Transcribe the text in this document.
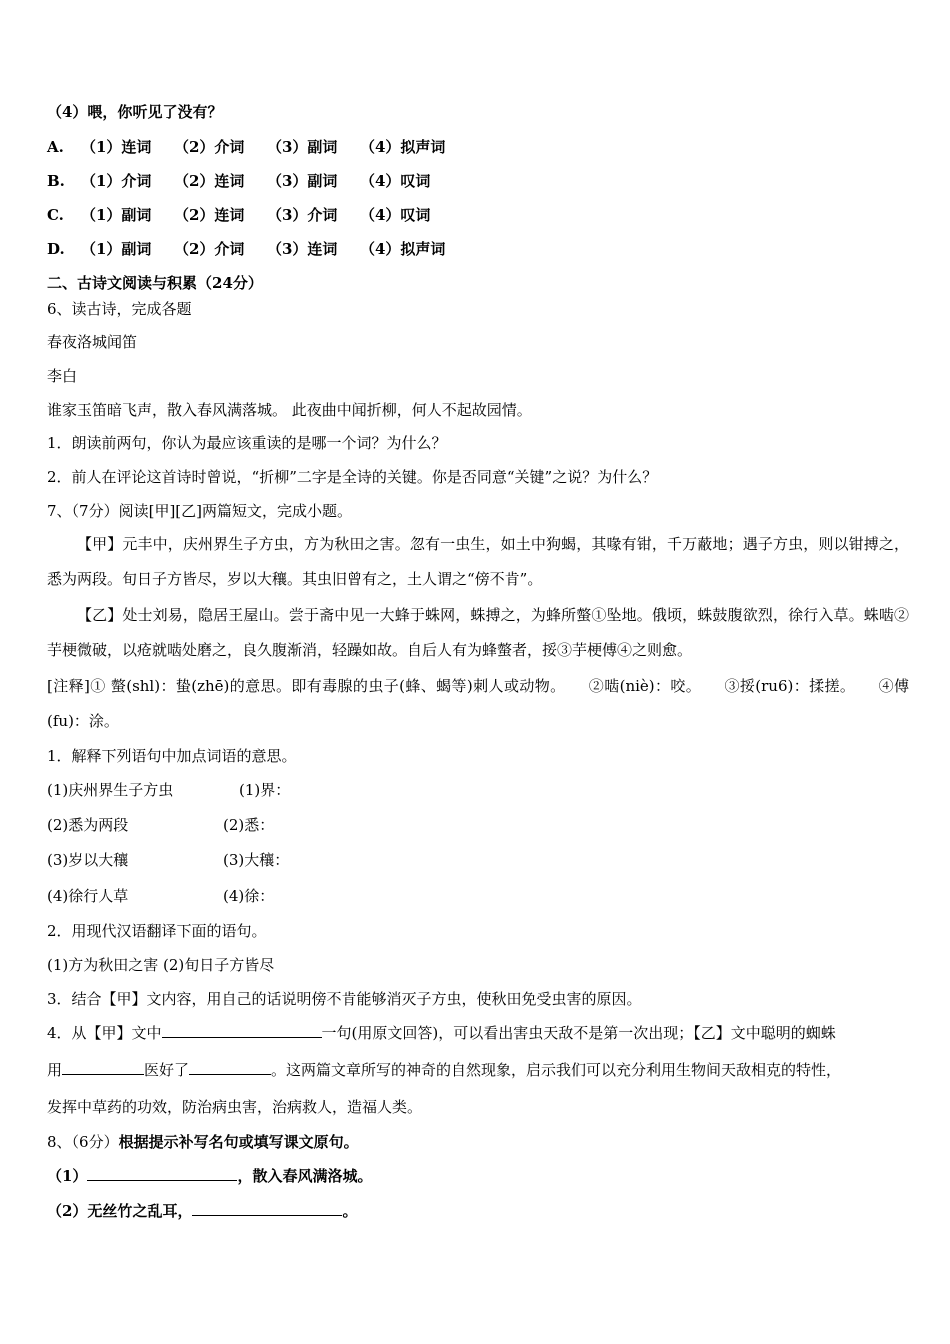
（4）喂，你听见了没有？
A. （1）连词 （2）介词 （3）副词 （4）拟声词
B. （1）介词 （2）连词 （3）副词 （4）叹词
C. （1）副词 （2）连词 （3）介词 （4）叹词
D. （1）副词 （2）介词 （3）连词 （4）拟声词
二、古诗文阅读与积累（24分）
6、读古诗，完成各题
春夜洛城闻笛
李白
谁家玉笛暗飞声，散入春风满落城。 此夜曲中闻折柳，何人不起故园情。
1．朗读前两句，你认为最应该重读的是哪一个词？为什么？
2．前人在评论这首诗时曾说，“折柳”二字是全诗的关键。你是否同意“关键”之说？为什么？
7、（7分）阅读[甲][乙]两篇短文，完成小题。
【甲】元丰中，庆州界生子方虫，方为秋田之害。忽有一虫生，如土中狗蝎，其喙有钳，千万蔽地；遇子方虫，则以钳搏之，悉为两段。旬日子方皆尽，岁以大穰。其虫旧曾有之，土人谓之“傍不肯”。
【乙】处士刘易，隐居王屋山。尝于斋中见一大蜂于蛛网，蛛搏之，为蜂所螫①坠地。俄顷，蛛鼓腹欲烈，徐行入草。蛛啮②芋梗微破，以疮就啮处磨之，良久腹渐消，轻躁如故。自后人有为蜂螫者，挼③芋梗傅④之则愈。
[注释]① 螫(shl)：蛰(zhē)的意思。即有毒腺的虫子(蜂、蝎等)刺人或动物。　　②啮(niè)：咬。　　③挼(ru6)：揉搓。　　④傅(fu)：涂。
1．解释下列语句中加点词语的意思。
(1)庆州界生子方虫	(1)界：
(2)悉为两段	(2)悉：
(3)岁以大穰	(3)大穰：
(4)徐行人草	(4)徐：
2．用现代汉语翻译下面的语句。
(1)方为秋田之害 (2)旬日子方皆尽
3．结合【甲】文内容，用自己的话说明傍不肯能够消灭子方虫，使秋田免受虫害的原因。
4．从【甲】文中	一句(用原文回答)，可以看出害虫天敌不是第一次出现；【乙】文中聪明的蜘蛛
用	医好了	。这两篇文章所写的神奇的自然现象，启示我们可以充分利用生物间天敌相克的特性，
发挥中草药的功效，防治病虫害，治病救人，造福人类。
8、（6分）根据提示补写名句或填写课文原句。
（1）	，散入春风满洛城。
（2）无丝竹之乱耳，	。
